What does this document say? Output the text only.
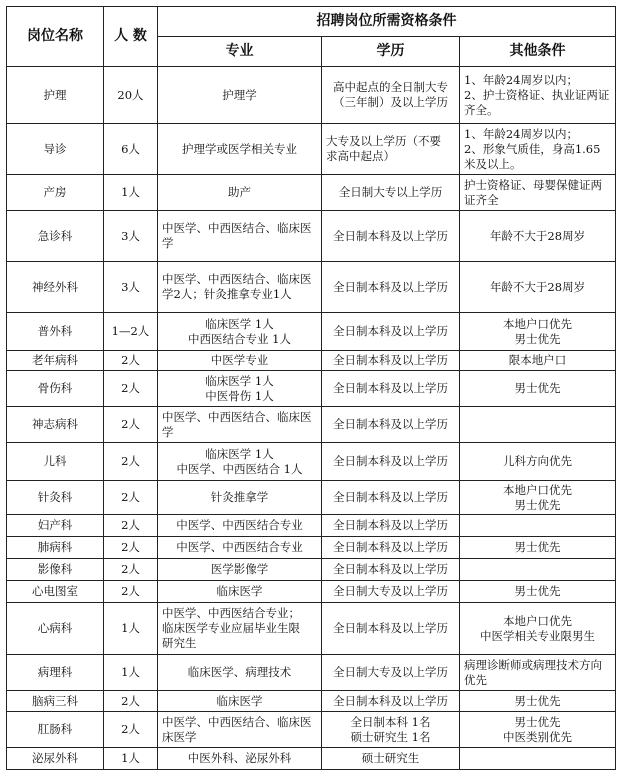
岗位名称	人 数	招聘岗位所需资格条件		
		专业	学历	其他条件
护理	20人	护理学	高中起点的全日制大专
（三年制）及以上学历	1、年龄24周岁以内；
2、护士资格证、执业证两证
齐全。
导诊	6人	护理学或医学相关专业	大专及以上学历（不要
求高中起点）	1、年龄24周岁以内；
2、形象气质佳，身高1.65
米及以上。
产房	1人	助产	全日制大专以上学历	护士资格证、母婴保健证两
证齐全
急诊科	3人	中医学、中西医结合、临床医
学	全日制本科及以上学历	年龄不大于28周岁
神经外科	3人	中医学、中西医结合、临床医
学2人；针灸推拿专业1人	全日制本科及以上学历	年龄不大于28周岁
普外科	1—2人	临床医学 1人
中西医结合专业 1人	全日制本科及以上学历	本地户口优先
男士优先
老年病科	2人	中医学专业	全日制本科及以上学历	限本地户口
骨伤科	2人	临床医学 1人
中医骨伤 1人	全日制本科及以上学历	男士优先
神志病科	2人	中医学、中西医结合、临床医
学	全日制本科及以上学历	
儿科	2人	临床医学 1人
中医学、中西医结合 1人	全日制本科及以上学历	儿科方向优先
针灸科	2人	针灸推拿学	全日制本科及以上学历	本地户口优先
男士优先
妇产科	2人	中医学、中西医结合专业	全日制本科及以上学历	
肺病科	2人	中医学、中西医结合专业	全日制本科及以上学历	男士优先
影像科	2人	医学影像学	全日制本科及以上学历	
心电图室	2人	临床医学	全日制大专及以上学历	男士优先
心病科	1人	中医学、中西医结合专业；
临床医学专业应届毕业生限
研究生	全日制本科及以上学历	本地户口优先
中医学相关专业限男生
病理科	1人	临床医学、病理技术	全日制大专及以上学历	病理诊断师或病理技术方向
优先
脑病三科	2人	临床医学	全日制本科及以上学历	男士优先
肛肠科	2人	中医学、中西医结合、临床医
床医学	全日制本科 1名
硕士研究生 1名	男士优先
中医类别优先
泌尿外科	1人	中医外科、泌尿外科	硕士研究生	
